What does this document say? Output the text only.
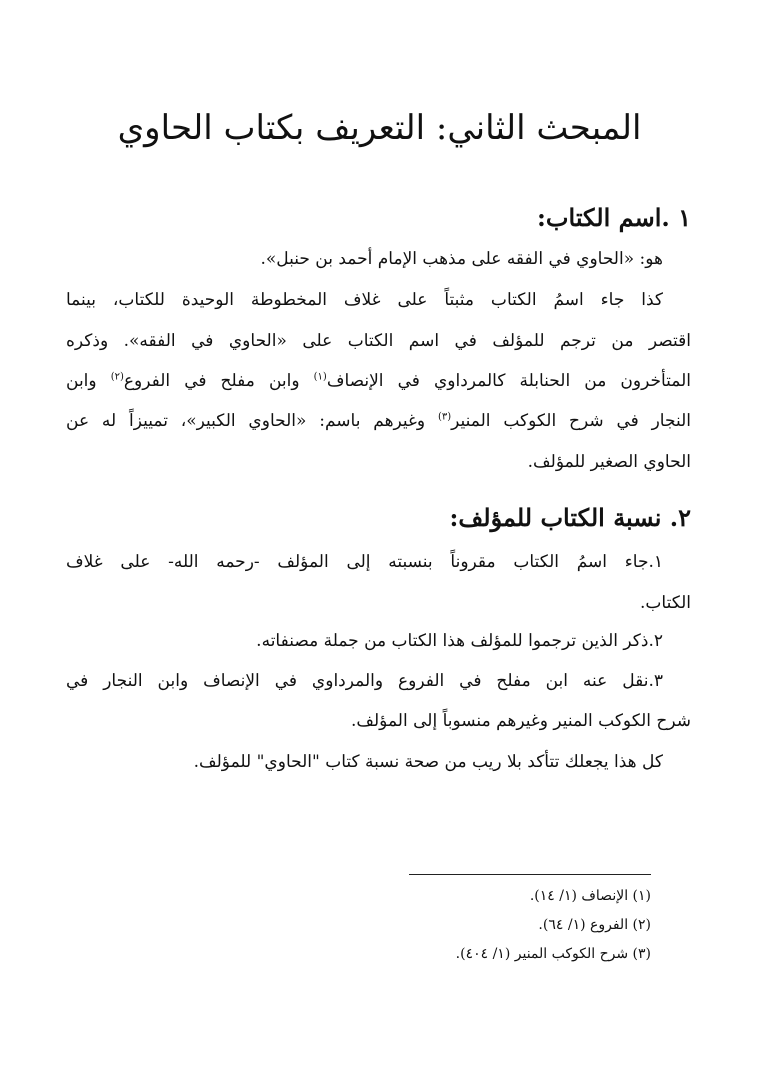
المبحث الثاني: التعريف بكتاب الحاوي
١ .اسم الكتاب:
هو: «الحاوي في الفقه على مذهب الإمام أحمد بن حنبل».
كذا جاء اسمُ الكتاب مثبتاً على غلاف المخطوطة الوحيدة للكتاب، بينما
اقتصر من ترجم للمؤلف في اسم الكتاب على «الحاوي في الفقه». وذكره
المتأخرون من الحنابلة كالمرداوي في الإنصاف$^{(١)}$ وابن مفلح في الفروع$^{(٢)}$ وابن
النجار في شرح الكوكب المنير$^{(٣)}$ وغيرهم باسم: «الحاوي الكبير»، تمييزاً له عن
الحاوي الصغير للمؤلف.
٢. نسبة الكتاب للمؤلف:
١.جاء اسمُ الكتاب مقروناً بنسبته إلى المؤلف -رحمه الله- على غلاف
الكتاب.
٢.ذكر الذين ترجموا للمؤلف هذا الكتاب من جملة مصنفاته.
٣.نقل عنه ابن مفلح في الفروع والمرداوي في الإنصاف وابن النجار في
شرح الكوكب المنير وغيرهم منسوباً إلى المؤلف.
كل هذا يجعلك تتأكد بلا ريب من صحة نسبة كتاب "الحاوي" للمؤلف.
(١) الإنصاف (١/ ١٤).
(٢) الفروع (١/ ٦٤).
(٣) شرح الكوكب المنير (١/ ٤٠٤).
